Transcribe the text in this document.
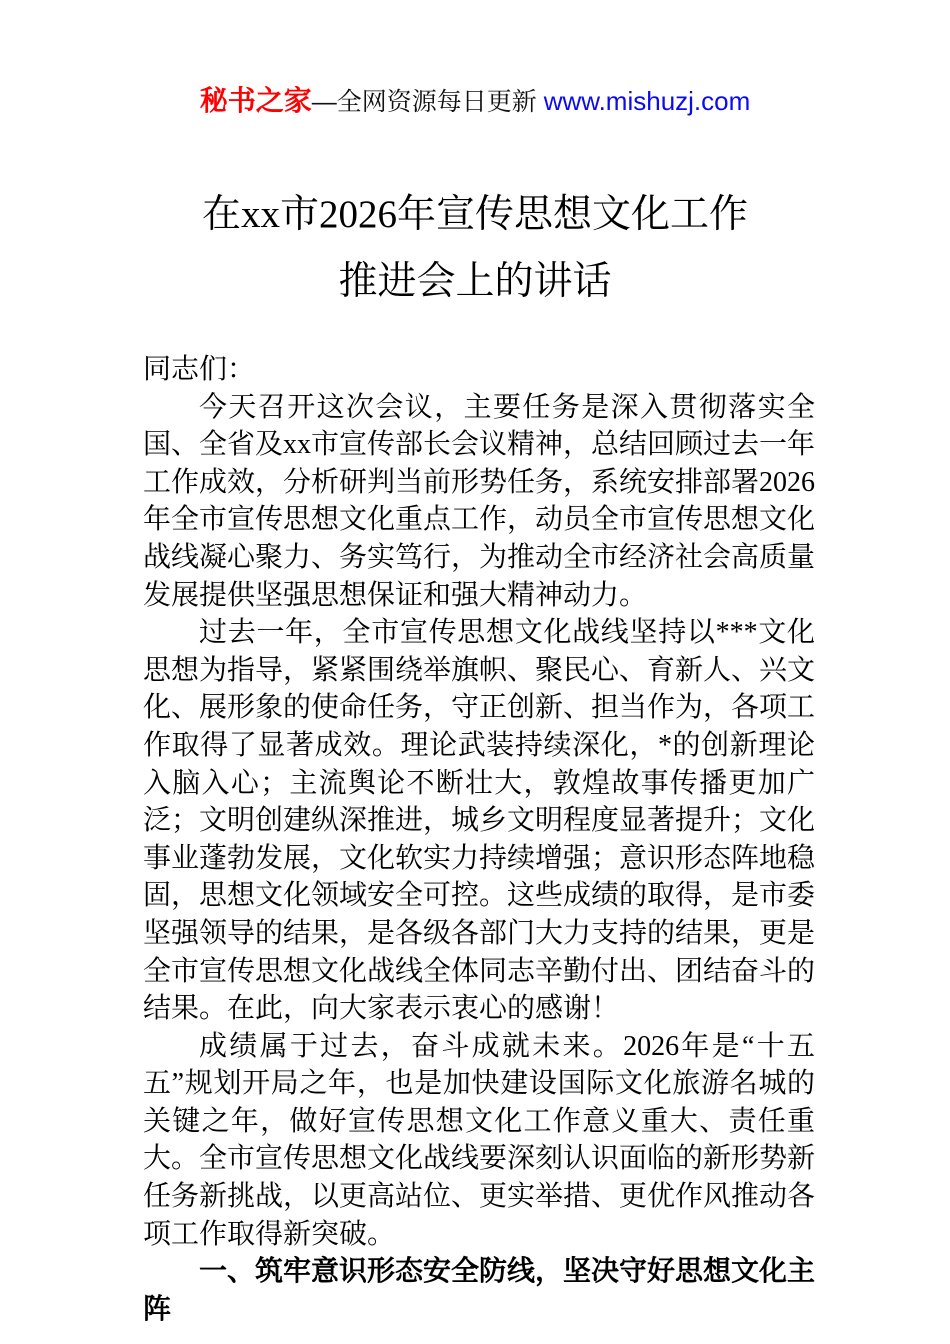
秘书之家—全网资源每日更新 www.mishuzj.com
在xx市2026年宣传思想文化工作
推进会上的讲话

同志们：

今天召开这次会议，主要任务是深入贯彻落实全国、全省及xx市宣传部长会议精神，总结回顾过去一年工作成效，分析研判当前形势任务，系统安排部署2026年全市宣传思想文化重点工作，动员全市宣传思想文化战线凝心聚力、务实笃行，为推动全市经济社会高质量发展提供坚强思想保证和强大精神动力。

过去一年，全市宣传思想文化战线坚持以***文化思想为指导，紧紧围绕举旗帜、聚民心、育新人、兴文化、展形象的使命任务，守正创新、担当作为，各项工作取得了显著成效。理论武装持续深化，*的创新理论入脑入心；主流舆论不断壮大，敦煌故事传播更加广泛；文明创建纵深推进，城乡文明程度显著提升；文化事业蓬勃发展，文化软实力持续增强；意识形态阵地稳固，思想文化领域安全可控。这些成绩的取得，是市委坚强领导的结果，是各级各部门大力支持的结果，更是全市宣传思想文化战线全体同志辛勤付出、团结奋斗的结果。在此，向大家表示衷心的感谢！

成绩属于过去，奋斗成就未来。2026年是“十五五”规划开局之年，也是加快建设国际文化旅游名城的关键之年，做好宣传思想文化工作意义重大、责任重大。全市宣传思想文化战线要深刻认识面临的新形势新任务新挑战，以更高站位、更实举措、更优作风推动各项工作取得新突破。

一、筑牢意识形态安全防线，坚决守好思想文化主阵
